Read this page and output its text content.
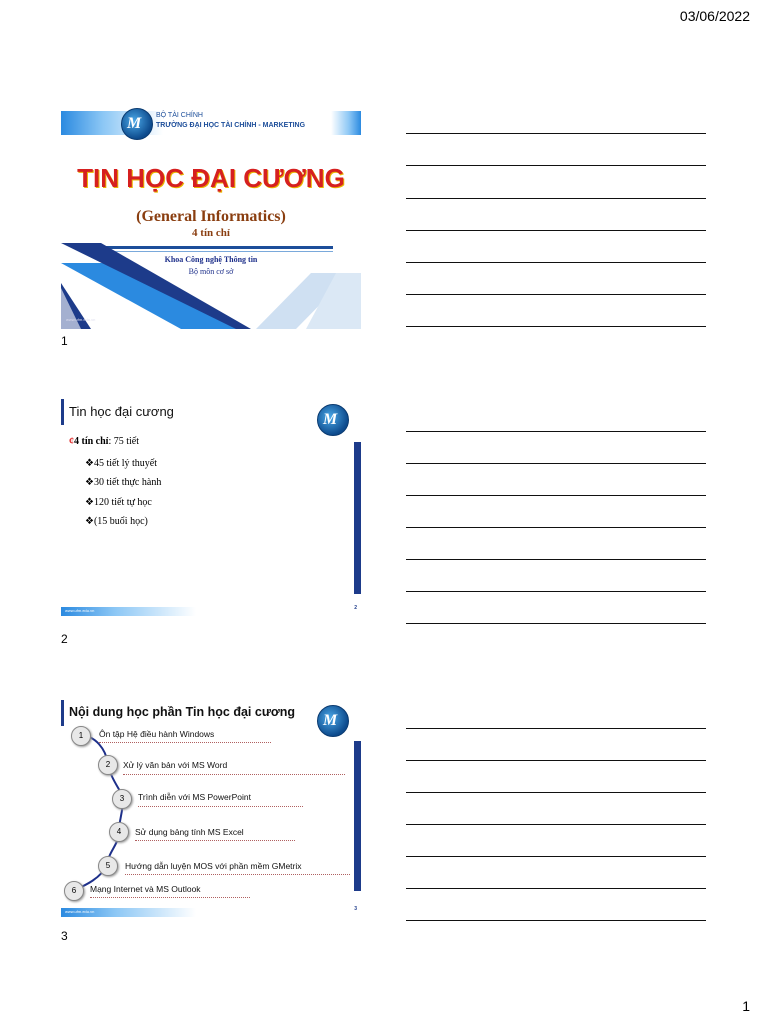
03/06/2022
M BỘ TÀI CHÍNH
TRƯỜNG ĐẠI HỌC TÀI CHÍNH - MARKETING
TIN HỌC ĐẠI CƯƠNG
(General Informatics)
4 tín chỉ
Khoa Công nghệ Thông tin
Bộ môn cơ sở
www.ufm.edu.vn
1
Tin học đại cương	M
¢4 tín chỉ: 75 tiết
❖45 tiết lý thuyết
❖30 tiết thực hành
❖120 tiết tự học
❖(15 buổi học)
www.ufm.edu.vn	2
2
Nội dung học phần Tin học đại cương M
1	Ôn tập Hệ điều hành Windows
2	Xử lý văn bản với MS Word
3	Trình diễn với MS PowerPoint
4	Sử dụng bảng tính MS Excel
5	Hướng dẫn luyện MOS với phần mềm GMetrix
6	Mạng Internet và MS Outlook
www.ufm.edu.vn	3
3
1
